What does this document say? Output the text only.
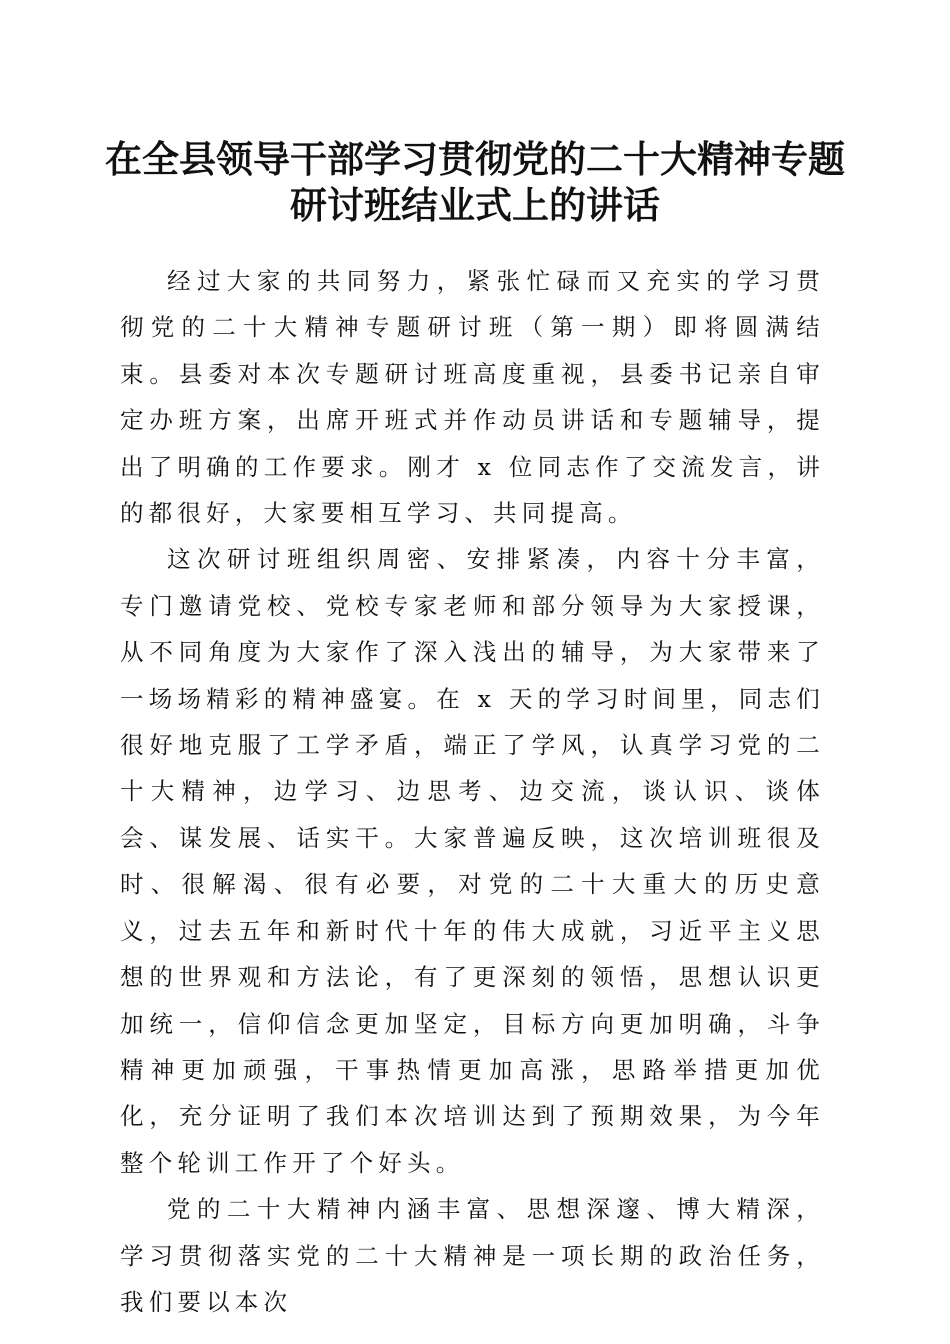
在全县领导干部学习贯彻党的二十大精神专题
研讨班结业式上的讲话

经过大家的共同努力，紧张忙碌而又充实的学习贯彻党的二十大精神专题研讨班（第一期）即将圆满结束。县委对本次专题研讨班高度重视，县委书记亲自审定办班方案，出席开班式并作动员讲话和专题辅导，提出了明确的工作要求。刚才 x 位同志作了交流发言，讲的都很好，大家要相互学习、共同提高。

这次研讨班组织周密、安排紧凑，内容十分丰富，专门邀请党校、党校专家老师和部分领导为大家授课，从不同角度为大家作了深入浅出的辅导，为大家带来了一场场精彩的精神盛宴。在 x 天的学习时间里，同志们很好地克服了工学矛盾，端正了学风，认真学习党的二十大精神，边学习、边思考、边交流，谈认识、谈体会、谋发展、话实干。大家普遍反映，这次培训班很及时、很解渴、很有必要，对党的二十大重大的历史意义，过去五年和新时代十年的伟大成就，习近平主义思想的世界观和方法论，有了更深刻的领悟，思想认识更加统一，信仰信念更加坚定，目标方向更加明确，斗争精神更加顽强，干事热情更加高涨，思路举措更加优化，充分证明了我们本次培训达到了预期效果，为今年整个轮训工作开了个好头。

党的二十大精神内涵丰富、思想深邃、博大精深，学习贯彻落实党的二十大精神是一项长期的政治任务，我们要以本次
